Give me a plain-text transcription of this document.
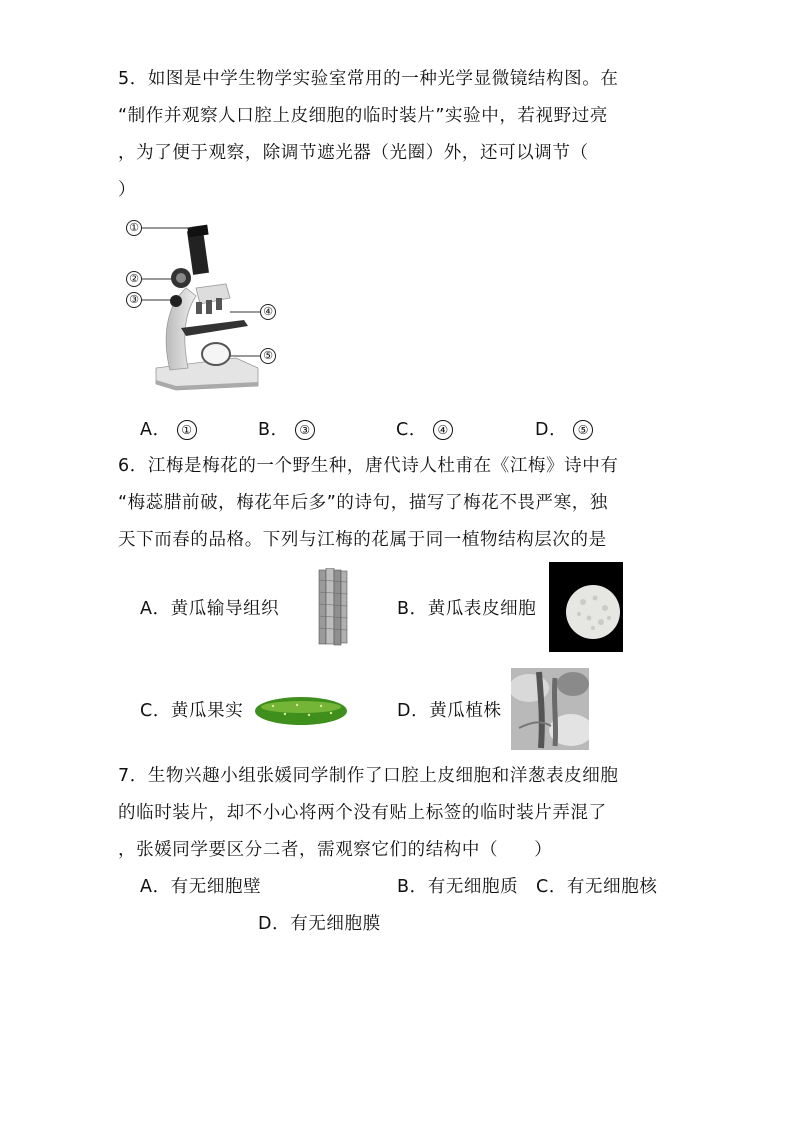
5．如图是中学生物学实验室常用的一种光学显微镜结构图。在
“制作并观察人口腔上皮细胞的临时装片”实验中，若视野过亮
，为了便于观察，除调节遮光器（光圈）外，还可以调节（
）
①
②
③
④
⑤
A． ①	B． ③	C． ④	D． ⑤
6．江梅是梅花的一个野生种，唐代诗人杜甫在《江梅》诗中有
“梅蕊腊前破，梅花年后多”的诗句，描写了梅花不畏严寒，独
天下而春的品格。下列与江梅的花属于同一植物结构层次的是
A．黄瓜输导组织	B．黄瓜表皮细胞
C．黄瓜果实	D．黄瓜植株
7．生物兴趣小组张媛同学制作了口腔上皮细胞和洋葱表皮细胞
的临时装片，却不小心将两个没有贴上标签的临时装片弄混了
，张媛同学要区分二者，需观察它们的结构中（　　）
A．有无细胞壁	B．有无细胞质 C．有无细胞核
D．有无细胞膜
